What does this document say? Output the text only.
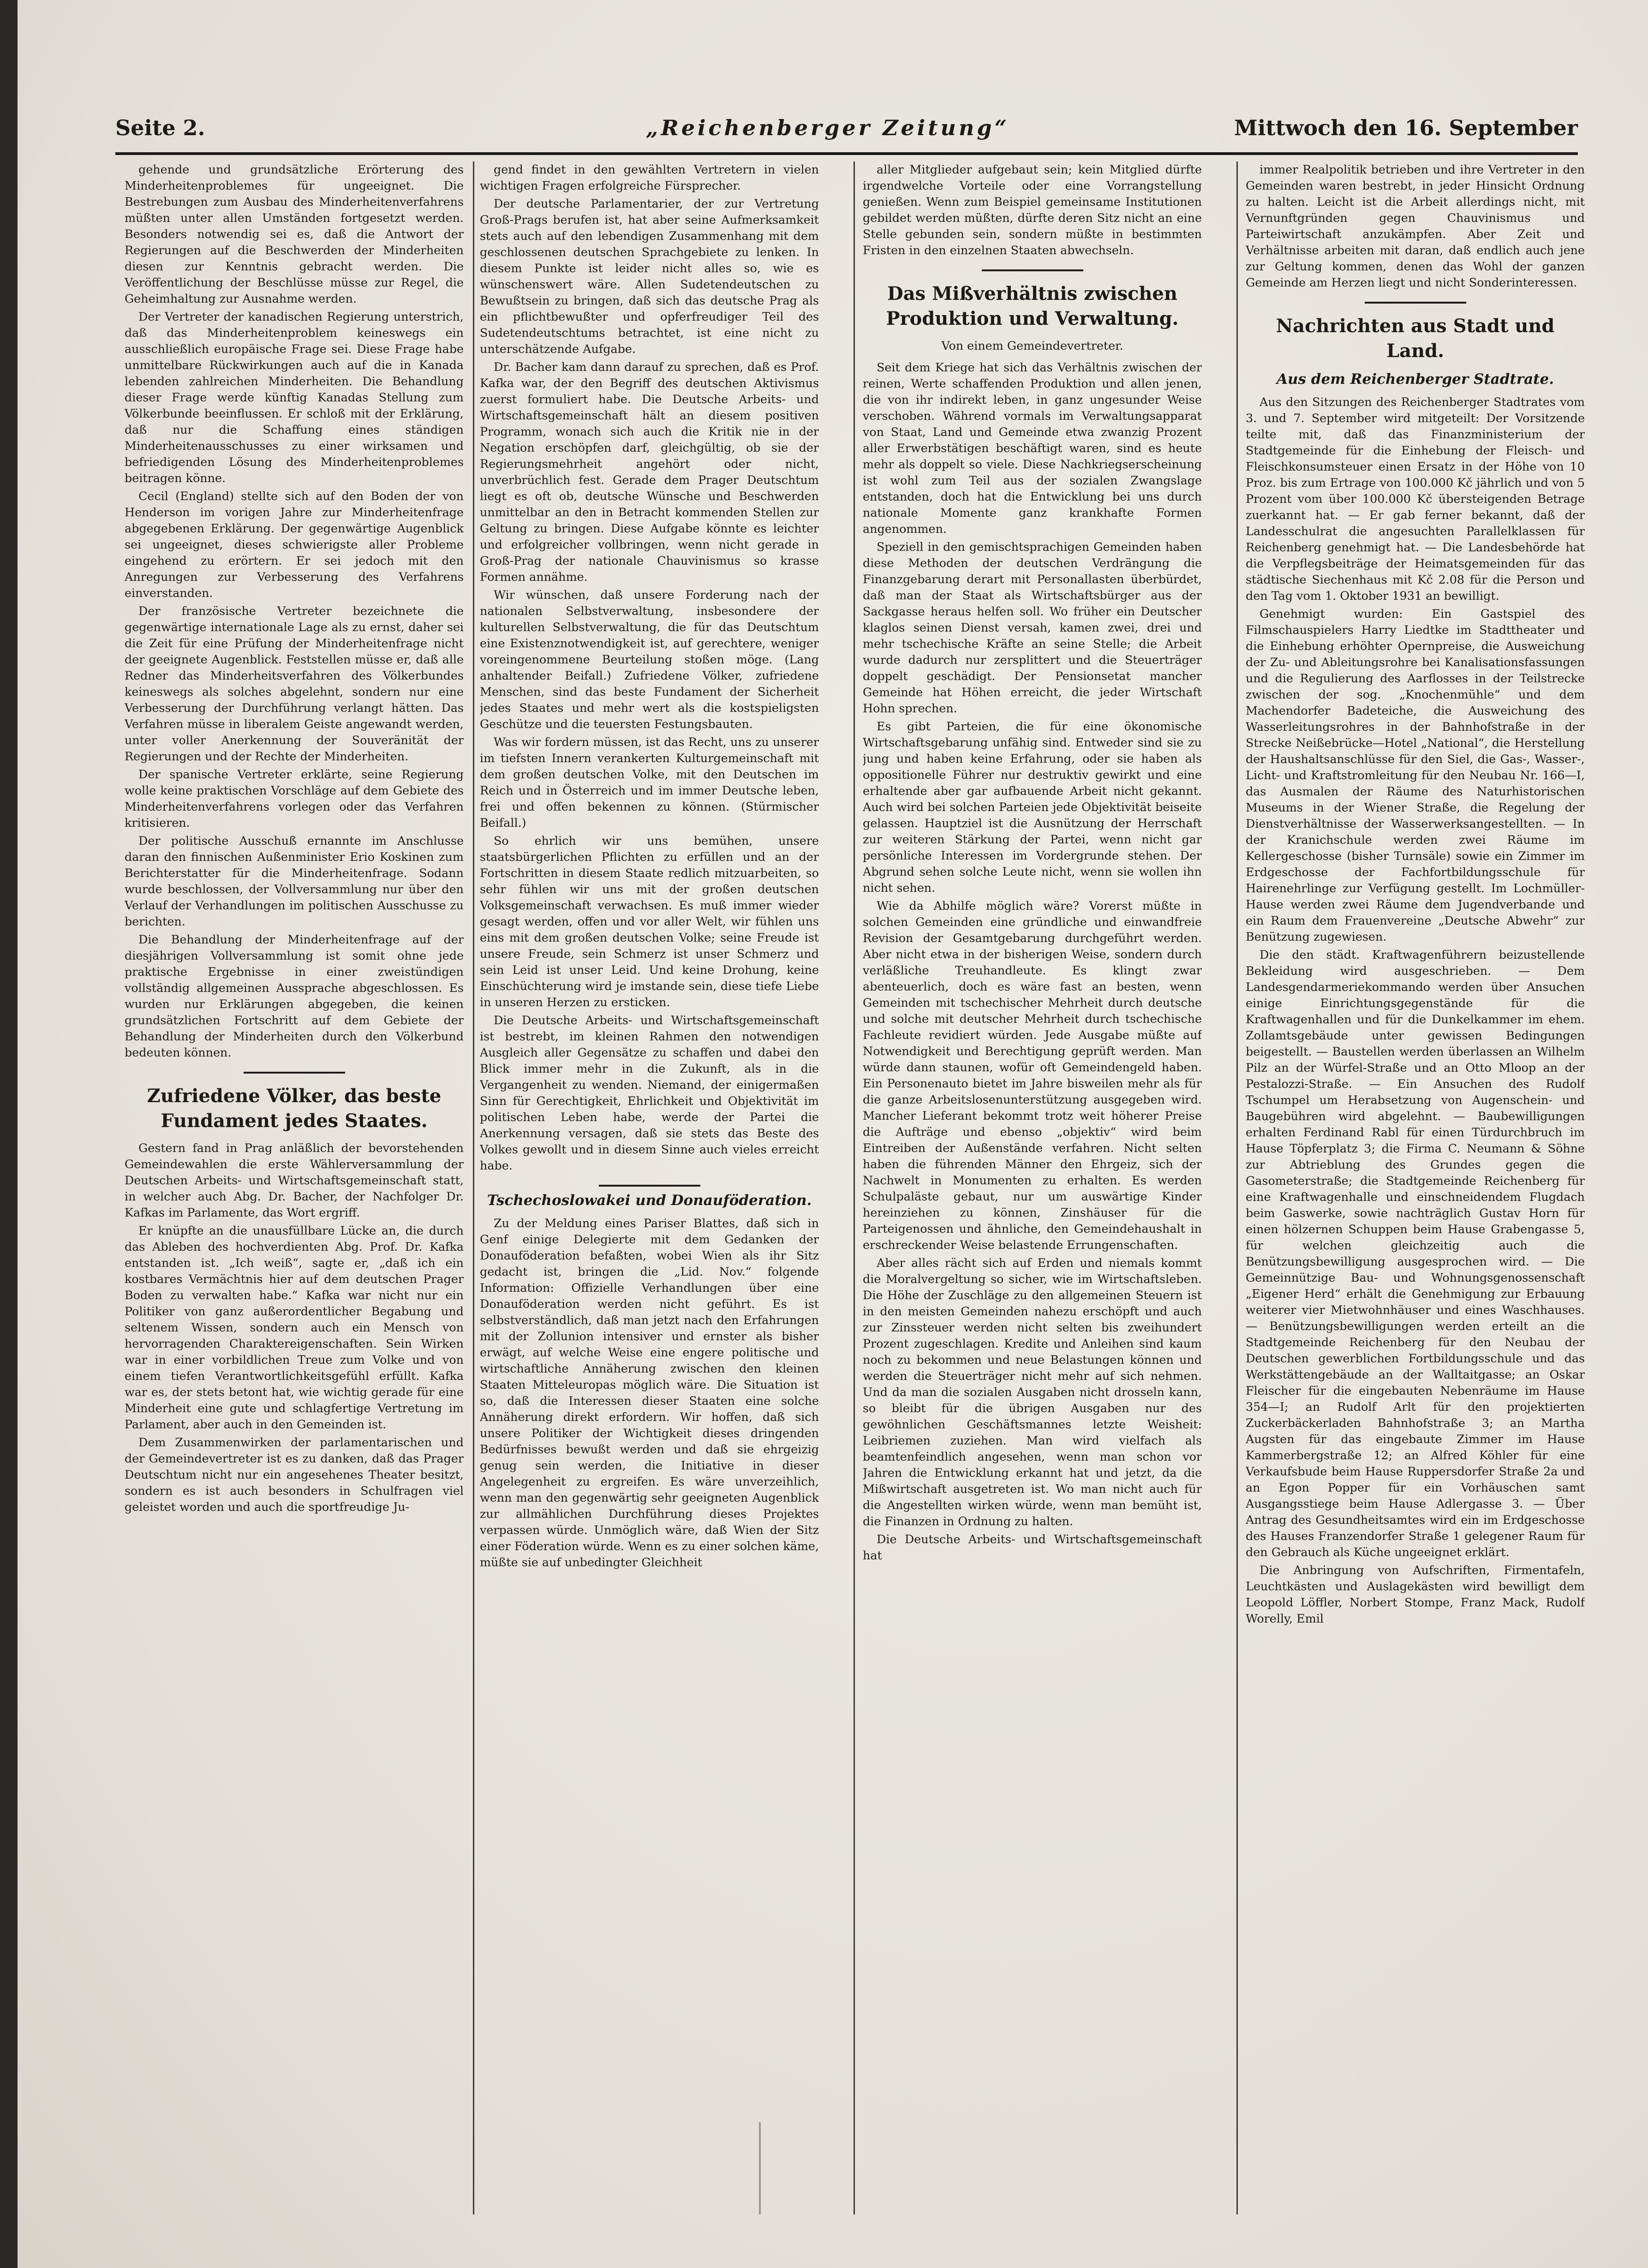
Seite 2.	„Reichenberger Zeitung“	Mittwoch den 16. September

gehende und grundsätzliche Erörterung des Minderheitenproblemes für ungeeignet. Die Bestrebungen zum Ausbau des Minderheitenverfahrens müßten unter allen Umständen fortgesetzt werden. Besonders notwendig sei es, daß die Antwort der Regierungen auf die Beschwerden der Minderheiten diesen zur Kenntnis gebracht werden. Die Veröffentlichung der Beschlüsse müsse zur Regel, die Geheimhaltung zur Ausnahme werden.

Der Vertreter der kanadischen Regierung unterstrich, daß das Minderheitenproblem keineswegs ein ausschließlich europäische Frage sei. Diese Frage habe unmittelbare Rückwirkungen auch auf die in Kanada lebenden zahlreichen Minderheiten. Die Behandlung dieser Frage werde künftig Kanadas Stellung zum Völkerbunde beeinflussen. Er schloß mit der Erklärung, daß nur die Schaffung eines ständigen Minderheitenausschusses zu einer wirksamen und befriedigenden Lösung des Minderheitenproblemes beitragen könne.

Cecil (England) stellte sich auf den Boden der von Henderson im vorigen Jahre zur Minderheitenfrage abgegebenen Erklärung. Der gegenwärtige Augenblick sei ungeeignet, dieses schwierigste aller Probleme eingehend zu erörtern. Er sei jedoch mit den Anregungen zur Verbesserung des Verfahrens einverstanden.

Der französische Vertreter bezeichnete die gegenwärtige internationale Lage als zu ernst, daher sei die Zeit für eine Prüfung der Minderheitenfrage nicht der geeignete Augenblick. Feststellen müsse er, daß alle Redner das Minderheitsverfahren des Völkerbundes keineswegs als solches abgelehnt, sondern nur eine Verbesserung der Durchführung verlangt hätten. Das Verfahren müsse in liberalem Geiste angewandt werden, unter voller Anerkennung der Souveränität der Regierungen und der Rechte der Minderheiten.

Der spanische Vertreter erklärte, seine Regierung wolle keine praktischen Vorschläge auf dem Gebiete des Minderheitenverfahrens vorlegen oder das Verfahren kritisieren.

Der politische Ausschuß ernannte im Anschlusse daran den finnischen Außenminister Erio Koskinen zum Berichterstatter für die Minderheitenfrage. Sodann wurde beschlossen, der Vollversammlung nur über den Verlauf der Verhandlungen im politischen Ausschusse zu berichten.

Die Behandlung der Minderheitenfrage auf der diesjährigen Vollversammlung ist somit ohne jede praktische Ergebnisse in einer zweistündigen vollständig allgemeinen Aussprache abgeschlossen. Es wurden nur Erklärungen abgegeben, die keinen grundsätzlichen Fortschritt auf dem Gebiete der Behandlung der Minderheiten durch den Völkerbund bedeuten können.

Zufriedene Völker, das beste Fundament jedes Staates.

Gestern fand in Prag anläßlich der bevorstehenden Gemeindewahlen die erste Wählerversammlung der Deutschen Arbeits- und Wirtschaftsgemeinschaft statt, in welcher auch Abg. Dr. Bacher, der Nachfolger Dr. Kafkas im Parlamente, das Wort ergriff.

Er knüpfte an die unausfüllbare Lücke an, die durch das Ableben des hochverdienten Abg. Prof. Dr. Kafka entstanden ist. „Ich weiß“, sagte er, „daß ich ein kostbares Vermächtnis hier auf dem deutschen Prager Boden zu verwalten habe.“ Kafka war nicht nur ein Politiker von ganz außerordentlicher Begabung und seltenem Wissen, sondern auch ein Mensch von hervorragenden Charaktereigenschaften. Sein Wirken war in einer vorbildlichen Treue zum Volke und von einem tiefen Verantwortlichkeitsgefühl erfüllt. Kafka war es, der stets betont hat, wie wichtig gerade für eine Minderheit eine gute und schlagfertige Vertretung im Parlament, aber auch in den Gemeinden ist.

Dem Zusammenwirken der parlamentarischen und der Gemeindevertreter ist es zu danken, daß das Prager Deutschtum nicht nur ein angesehenes Theater besitzt, sondern es ist auch besonders in Schulfragen viel geleistet worden und auch die sportfreudige Ju-

gend findet in den gewählten Vertretern in vielen wichtigen Fragen erfolgreiche Fürsprecher.

Der deutsche Parlamentarier, der zur Vertretung Groß-Prags berufen ist, hat aber seine Aufmerksamkeit stets auch auf den lebendigen Zusammenhang mit dem geschlossenen deutschen Sprachgebiete zu lenken. In diesem Punkte ist leider nicht alles so, wie es wünschenswert wäre. Allen Sudetendeutschen zu Bewußtsein zu bringen, daß sich das deutsche Prag als ein pflichtbewußter und opferfreudiger Teil des Sudetendeutschtums betrachtet, ist eine nicht zu unterschätzende Aufgabe.

Dr. Bacher kam dann darauf zu sprechen, daß es Prof. Kafka war, der den Begriff des deutschen Aktivismus zuerst formuliert habe. Die Deutsche Arbeits- und Wirtschaftsgemeinschaft hält an diesem positiven Programm, wonach sich auch die Kritik nie in der Negation erschöpfen darf, gleichgültig, ob sie der Regierungsmehrheit angehört oder nicht, unverbrüchlich fest. Gerade dem Prager Deutschtum liegt es oft ob, deutsche Wünsche und Beschwerden unmittelbar an den in Betracht kommenden Stellen zur Geltung zu bringen. Diese Aufgabe könnte es leichter und erfolgreicher vollbringen, wenn nicht gerade in Groß-Prag der nationale Chauvinismus so krasse Formen annähme.

Wir wünschen, daß unsere Forderung nach der nationalen Selbstverwaltung, insbesondere der kulturellen Selbstverwaltung, die für das Deutschtum eine Existenznotwendigkeit ist, auf gerechtere, weniger voreingenommene Beurteilung stoßen möge. (Lang anhaltender Beifall.) Zufriedene Völker, zufriedene Menschen, sind das beste Fundament der Sicherheit jedes Staates und mehr wert als die kostspieligsten Geschütze und die teuersten Festungsbauten.

Was wir fordern müssen, ist das Recht, uns zu unserer im tiefsten Innern verankerten Kulturgemeinschaft mit dem großen deutschen Volke, mit den Deutschen im Reich und in Österreich und im immer Deutsche leben, frei und offen bekennen zu können. (Stürmischer Beifall.)

So ehrlich wir uns bemühen, unsere staatsbürgerlichen Pflichten zu erfüllen und an der Fortschritten in diesem Staate redlich mitzuarbeiten, so sehr fühlen wir uns mit der großen deutschen Volksgemeinschaft verwachsen. Es muß immer wieder gesagt werden, offen und vor aller Welt, wir fühlen uns eins mit dem großen deutschen Volke; seine Freude ist unsere Freude, sein Schmerz ist unser Schmerz und sein Leid ist unser Leid. Und keine Drohung, keine Einschüchterung wird je imstande sein, diese tiefe Liebe in unseren Herzen zu ersticken.

Die Deutsche Arbeits- und Wirtschaftsgemeinschaft ist bestrebt, im kleinen Rahmen den notwendigen Ausgleich aller Gegensätze zu schaffen und dabei den Blick immer mehr in die Zukunft, als in die Vergangenheit zu wenden. Niemand, der einigermaßen Sinn für Gerechtigkeit, Ehrlichkeit und Objektivität im politischen Leben habe, werde der Partei die Anerkennung versagen, daß sie stets das Beste des Volkes gewollt und in diesem Sinne auch vieles erreicht habe.

Tschechoslowakei und Donauföderation.

Zu der Meldung eines Pariser Blattes, daß sich in Genf einige Delegierte mit dem Gedanken der Donauföderation befaßten, wobei Wien als ihr Sitz gedacht ist, bringen die „Lid. Nov.“ folgende Information: Offizielle Verhandlungen über eine Donauföderation werden nicht geführt. Es ist selbstverständlich, daß man jetzt nach den Erfahrungen mit der Zollunion intensiver und ernster als bisher erwägt, auf welche Weise eine engere politische und wirtschaftliche Annäherung zwischen den kleinen Staaten Mitteleuropas möglich wäre. Die Situation ist so, daß die Interessen dieser Staaten eine solche Annäherung direkt erfordern. Wir hoffen, daß sich unsere Politiker der Wichtigkeit dieses dringenden Bedürfnisses bewußt werden und daß sie ehrgeizig genug sein werden, die Initiative in dieser Angelegenheit zu ergreifen. Es wäre unverzeihlich, wenn man den gegenwärtig sehr geeigneten Augenblick zur allmählichen Durchführung dieses Projektes verpassen würde. Unmöglich wäre, daß Wien der Sitz einer Föderation würde. Wenn es zu einer solchen käme, müßte sie auf unbedingter Gleichheit

aller Mitglieder aufgebaut sein; kein Mitglied dürfte irgendwelche Vorteile oder eine Vorrangstellung genießen. Wenn zum Beispiel gemeinsame Institutionen gebildet werden müßten, dürfte deren Sitz nicht an eine Stelle gebunden sein, sondern müßte in bestimmten Fristen in den einzelnen Staaten abwechseln.

Das Mißverhältnis zwischen Produktion und Verwaltung.

Von einem Gemeindevertreter.

Seit dem Kriege hat sich das Verhältnis zwischen der reinen, Werte schaffenden Produktion und allen jenen, die von ihr indirekt leben, in ganz ungesunder Weise verschoben. Während vormals im Verwaltungsapparat von Staat, Land und Gemeinde etwa zwanzig Prozent aller Erwerbstätigen beschäftigt waren, sind es heute mehr als doppelt so viele. Diese Nachkriegserscheinung ist wohl zum Teil aus der sozialen Zwangslage entstanden, doch hat die Entwicklung bei uns durch nationale Momente ganz krankhafte Formen angenommen.

Speziell in den gemischtsprachigen Gemeinden haben diese Methoden der deutschen Verdrängung die Finanzgebarung derart mit Personallasten überbürdet, daß man der Staat als Wirtschaftsbürger aus der Sackgasse heraus helfen soll. Wo früher ein Deutscher klaglos seinen Dienst versah, kamen zwei, drei und mehr tschechische Kräfte an seine Stelle; die Arbeit wurde dadurch nur zersplittert und die Steuerträger doppelt geschädigt. Der Pensionsetat mancher Gemeinde hat Höhen erreicht, die jeder Wirtschaft Hohn sprechen.

Es gibt Parteien, die für eine ökonomische Wirtschaftsgebarung unfähig sind. Entweder sind sie zu jung und haben keine Erfahrung, oder sie haben als oppositionelle Führer nur destruktiv gewirkt und eine erhaltende aber gar aufbauende Arbeit nicht gekannt. Auch wird bei solchen Parteien jede Objektivität beiseite gelassen. Hauptziel ist die Ausnützung der Herrschaft zur weiteren Stärkung der Partei, wenn nicht gar persönliche Interessen im Vordergrunde stehen. Der Abgrund sehen solche Leute nicht, wenn sie wollen ihn nicht sehen.

Wie da Abhilfe möglich wäre? Vorerst müßte in solchen Gemeinden eine gründliche und einwandfreie Revision der Gesamtgebarung durchgeführt werden. Aber nicht etwa in der bisherigen Weise, sondern durch verläßliche Treuhandleute. Es klingt zwar abenteuerlich, doch es wäre fast an besten, wenn Gemeinden mit tschechischer Mehrheit durch deutsche und solche mit deutscher Mehrheit durch tschechische Fachleute revidiert würden. Jede Ausgabe müßte auf Notwendigkeit und Berechtigung geprüft werden. Man würde dann staunen, wofür oft Gemeindengeld haben. Ein Personenauto bietet im Jahre bisweilen mehr als für die ganze Arbeitslosenunterstützung ausgegeben wird. Mancher Lieferant bekommt trotz weit höherer Preise die Aufträge und ebenso „objektiv“ wird beim Eintreiben der Außenstände verfahren. Nicht selten haben die führenden Männer den Ehrgeiz, sich der Nachwelt in Monumenten zu erhalten. Es werden Schulpaläste gebaut, nur um auswärtige Kinder hereinziehen zu können, Zinshäuser für die Parteigenossen und ähnliche, den Gemeindehaushalt in erschreckender Weise belastende Errungenschaften.

Aber alles rächt sich auf Erden und niemals kommt die Moralvergeltung so sicher, wie im Wirtschaftsleben. Die Höhe der Zuschläge zu den allgemeinen Steuern ist in den meisten Gemeinden nahezu erschöpft und auch zur Zinssteuer werden nicht selten bis zweihundert Prozent zugeschlagen. Kredite und Anleihen sind kaum noch zu bekommen und neue Belastungen können und werden die Steuerträger nicht mehr auf sich nehmen. Und da man die sozialen Ausgaben nicht drosseln kann, so bleibt für die übrigen Ausgaben nur des gewöhnlichen Geschäftsmannes letzte Weisheit: Leibriemen zuziehen. Man wird vielfach als beamtenfeindlich angesehen, wenn man schon vor Jahren die Entwicklung erkannt hat und jetzt, da die Mißwirtschaft ausgetreten ist. Wo man nicht auch für die Angestellten wirken würde, wenn man bemüht ist, die Finanzen in Ordnung zu halten.

Die Deutsche Arbeits- und Wirtschaftsgemeinschaft hat

immer Realpolitik betrieben und ihre Vertreter in den Gemeinden waren bestrebt, in jeder Hinsicht Ordnung zu halten. Leicht ist die Arbeit allerdings nicht, mit Vernunftgründen gegen Chauvinismus und Parteiwirtschaft anzukämpfen. Aber Zeit und Verhältnisse arbeiten mit daran, daß endlich auch jene zur Geltung kommen, denen das Wohl der ganzen Gemeinde am Herzen liegt und nicht Sonderinteressen.

Nachrichten aus Stadt und Land.
Aus dem Reichenberger Stadtrate.

Aus den Sitzungen des Reichenberger Stadtrates vom 3. und 7. September wird mitgeteilt: Der Vorsitzende teilte mit, daß das Finanzministerium der Stadtgemeinde für die Einhebung der Fleisch- und Fleischkonsumsteuer einen Ersatz in der Höhe von 10 Proz. bis zum Ertrage von 100.000 Kč jährlich und von 5 Prozent vom über 100.000 Kč übersteigenden Betrage zuerkannt hat. — Er gab ferner bekannt, daß der Landesschulrat die angesuchten Parallelklassen für Reichenberg genehmigt hat. — Die Landesbehörde hat die Verpflegsbeiträge der Heimatsgemeinden für das städtische Siechenhaus mit Kč 2.08 für die Person und den Tag vom 1. Oktober 1931 an bewilligt.

Genehmigt wurden: Ein Gastspiel des Filmschauspielers Harry Liedtke im Stadttheater und die Einhebung erhöhter Opernpreise, die Ausweichung der Zu- und Ableitungsrohre bei Kanalisationsfassungen und die Regulierung des Aarflosses in der Teilstrecke zwischen der sog. „Knochenmühle“ und dem Machendorfer Badeteiche, die Ausweichung des Wasserleitungsrohres in der Bahnhofstraße in der Strecke Neißebrücke—Hotel „National“, die Herstellung der Haushaltsanschlüsse für den Siel, die Gas-, Wasser-, Licht- und Kraftstromleitung für den Neubau Nr. 166—I, das Ausmalen der Räume des Naturhistorischen Museums in der Wiener Straße, die Regelung der Dienstverhältnisse der Wasserwerksangestellten. — In der Kranichschule werden zwei Räume im Kellergeschosse (bisher Turnsäle) sowie ein Zimmer im Erdgeschosse der Fachfortbildungsschule für Hairenehrlinge zur Verfügung gestellt. Im Lochmüller-Hause werden zwei Räume dem Jugendverbande und ein Raum dem Frauenvereine „Deutsche Abwehr“ zur Benützung zugewiesen.

Die den städt. Kraftwagenführern beizustellende Bekleidung wird ausgeschrieben. — Dem Landesgendarmeriekommando werden über Ansuchen einige Einrichtungsgegenstände für die Kraftwagenhallen und für die Dunkelkammer im ehem. Zollamtsgebäude unter gewissen Bedingungen beigestellt. — Baustellen werden überlassen an Wilhelm Pilz an der Würfel-Straße und an Otto Mloop an der Pestalozzi-Straße. — Ein Ansuchen des Rudolf Tschumpel um Herabsetzung von Augenschein- und Baugebühren wird abgelehnt. — Baubewilligungen erhalten Ferdinand Rabl für einen Türdurchbruch im Hause Töpferplatz 3; die Firma C. Neumann & Söhne zur Abtrieblung des Grundes gegen die Gasometerstraße; die Stadtgemeinde Reichenberg für eine Kraftwagenhalle und einschneidendem Flugdach beim Gaswerke, sowie nachträglich Gustav Horn für einen hölzernen Schuppen beim Hause Grabengasse 5, für welchen gleichzeitig auch die Benützungsbewilligung ausgesprochen wird. — Die Gemeinnützige Bau- und Wohnungsgenossenschaft „Eigener Herd“ erhält die Genehmigung zur Erbauung weiterer vier Mietwohnhäuser und eines Waschhauses. — Benützungsbewilligungen werden erteilt an die Stadtgemeinde Reichenberg für den Neubau der Deutschen gewerblichen Fortbildungsschule und das Werkstättengebäude an der Walltaitgasse; an Oskar Fleischer für die eingebauten Nebenräume im Hause 354—I; an Rudolf Arlt für den projektierten Zuckerbäckerladen Bahnhofstraße 3; an Martha Augsten für das eingebaute Zimmer im Hause Kammerbergstraße 12; an Alfred Köhler für eine Verkaufsbude beim Hause Ruppersdorfer Straße 2a und an Egon Popper für ein Vorhäuschen samt Ausgangsstiege beim Hause Adlergasse 3. — Über Antrag des Gesundheitsamtes wird ein im Erdgeschosse des Hauses Franzendorfer Straße 1 gelegener Raum für den Gebrauch als Küche ungeeignet erklärt.

Die Anbringung von Aufschriften, Firmentafeln, Leuchtkästen und Auslagekästen wird bewilligt dem Leopold Löffler, Norbert Stompe, Franz Mack, Rudolf Worelly, Emil
